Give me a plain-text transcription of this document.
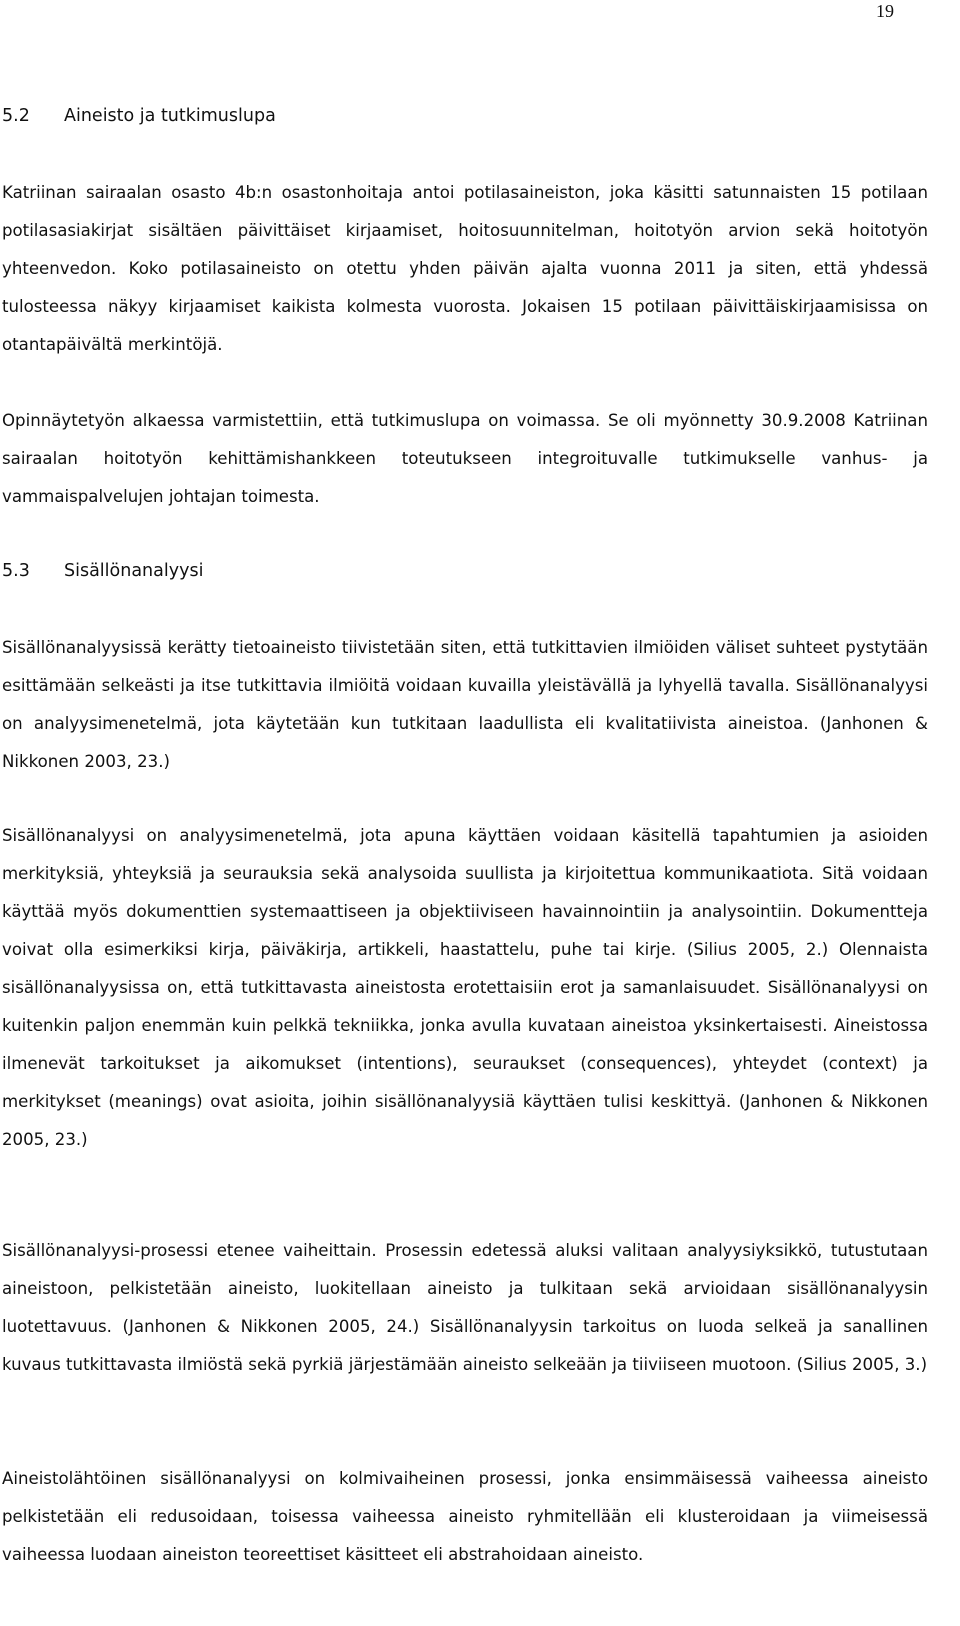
19
5.2 Aineisto ja tutkimuslupa

Katriinan sairaalan osasto 4b:n osastonhoitaja antoi potilasaineiston, joka käsitti satunnaisten 15 potilaan potilasasiakirjat sisältäen päivittäiset kirjaamiset, hoitosuunnitelman, hoitotyön arvion sekä hoitotyön yhteenvedon. Koko potilasaineisto on otettu yhden päivän ajalta vuonna 2011 ja siten, että yhdessä tulosteessa näkyy kirjaamiset kaikista kolmesta vuorosta. Jokaisen 15 potilaan päivittäiskirjaamisissa on otantapäivältä merkintöjä.

Opinnäytetyön alkaessa varmistettiin, että tutkimuslupa on voimassa. Se oli myönnetty 30.9.2008 Katriinan sairaalan hoitotyön kehittämishankkeen toteutukseen integroituvalle tutkimukselle vanhus- ja vammaispalvelujen johtajan toimesta.

5.3 Sisällönanalyysi

Sisällönanalyysissä kerätty tietoaineisto tiivistetään siten, että tutkittavien ilmiöiden väliset suhteet pystytään esittämään selkeästi ja itse tutkittavia ilmiöitä voidaan kuvailla yleistävällä ja lyhyellä tavalla. Sisällönanalyysi on analyysimenetelmä, jota käytetään kun tutkitaan laadullista eli kvalitatiivista aineistoa. (Janhonen & Nikkonen 2003, 23.)

Sisällönanalyysi on analyysimenetelmä, jota apuna käyttäen voidaan käsitellä tapahtumien ja asioiden merkityksiä, yhteyksiä ja seurauksia sekä analysoida suullista ja kirjoitettua kommunikaatiota. Sitä voidaan käyttää myös dokumenttien systemaattiseen ja objektiiviseen havainnointiin ja analysointiin. Dokumentteja voivat olla esimerkiksi kirja, päiväkirja, artikkeli, haastattelu, puhe tai kirje. (Silius 2005, 2.) Olennaista sisällönanalyysissa on, että tutkittavasta aineistosta erotettaisiin erot ja samanlaisuudet. Sisällönanalyysi on kuitenkin paljon enemmän kuin pelkkä tekniikka, jonka avulla kuvataan aineistoa yksinkertaisesti. Aineistossa ilmenevät tarkoitukset ja aikomukset (intentions), seuraukset (consequences), yhteydet (context) ja merkitykset (meanings) ovat asioita, joihin sisällönanalyysiä käyttäen tulisi keskittyä. (Janhonen & Nikkonen 2005, 23.)

Sisällönanalyysi-prosessi etenee vaiheittain. Prosessin edetessä aluksi valitaan analyysiyksikkö, tutustutaan aineistoon, pelkistetään aineisto, luokitellaan aineisto ja tulkitaan sekä arvioidaan sisällönanalyysin luotettavuus. (Janhonen & Nikkonen 2005, 24.) Sisällönanalyysin tarkoitus on luoda selkeä ja sanallinen kuvaus tutkittavasta ilmiöstä sekä pyrkiä järjestämään aineisto selkeään ja tiiviiseen muotoon. (Silius 2005, 3.)

Aineistolähtöinen sisällönanalyysi on kolmivaiheinen prosessi, jonka ensimmäisessä vaiheessa aineisto pelkistetään eli redusoidaan, toisessa vaiheessa aineisto ryhmitellään eli klusteroidaan ja viimeisessä vaiheessa luodaan aineiston teoreettiset käsitteet eli abstrahoidaan aineisto.
